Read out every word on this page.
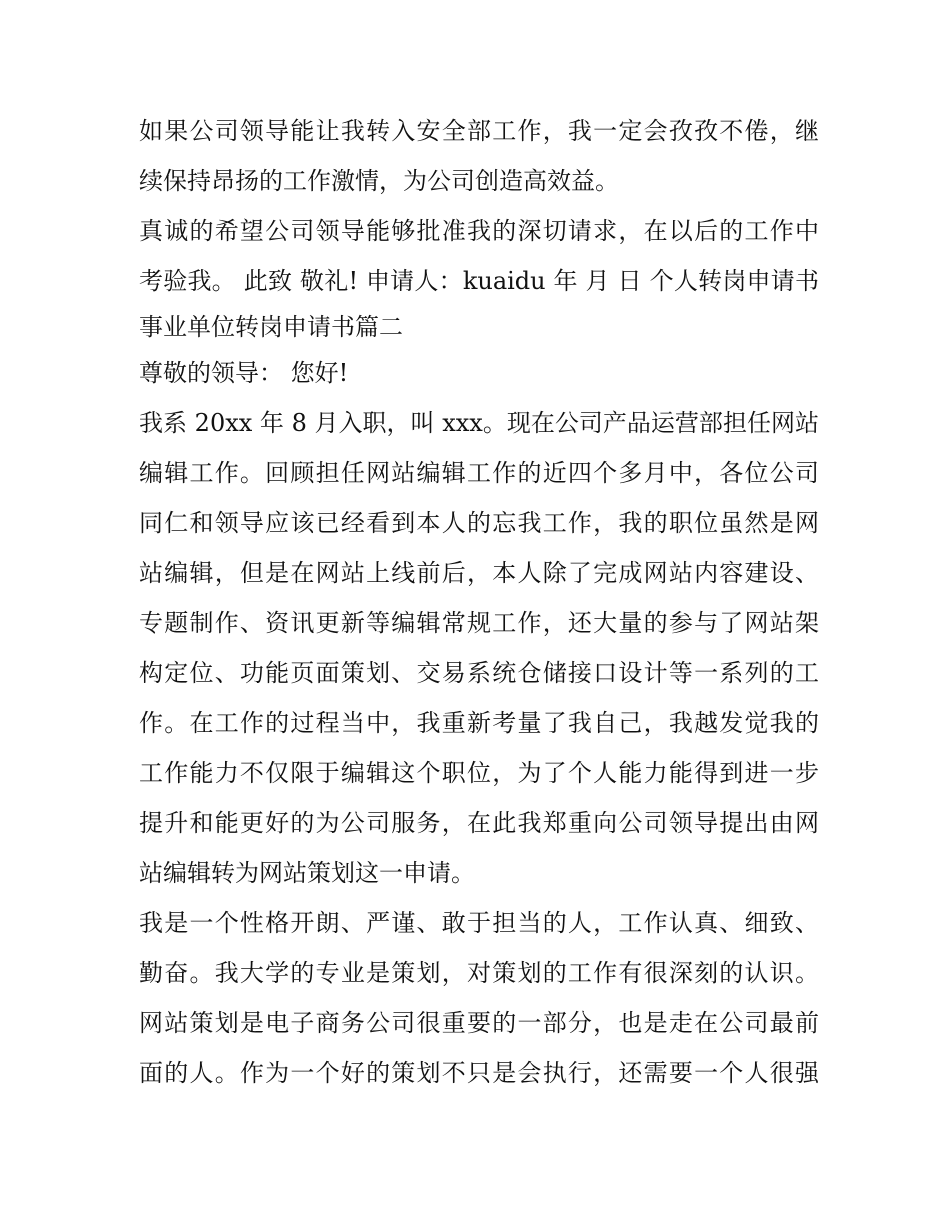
如果公司领导能让我转入安全部工作，我一定会孜孜不倦，继

续保持昂扬的工作激情，为公司创造高效益。

真诚的希望公司领导能够批准我的深切请求，在以后的工作中

考验我。 此致 敬礼! 申请人：kuaidu 年 月 日 个人转岗申请书

事业单位转岗申请书篇二

尊敬的领导： 您好!

我系 20xx 年 8 月入职，叫 xxx。现在公司产品运营部担任网站

编辑工作。回顾担任网站编辑工作的近四个多月中，各位公司

同仁和领导应该已经看到本人的忘我工作，我的职位虽然是网

站编辑，但是在网站上线前后，本人除了完成网站内容建设、

专题制作、资讯更新等编辑常规工作，还大量的参与了网站架

构定位、功能页面策划、交易系统仓储接口设计等一系列的工

作。在工作的过程当中，我重新考量了我自己，我越发觉我的

工作能力不仅限于编辑这个职位，为了个人能力能得到进一步

提升和能更好的为公司服务，在此我郑重向公司领导提出由网

站编辑转为网站策划这一申请。

我是一个性格开朗、严谨、敢于担当的人，工作认真、细致、

勤奋。我大学的专业是策划，对策划的工作有很深刻的认识。

网站策划是电子商务公司很重要的一部分，也是走在公司最前

面的人。作为一个好的策划不只是会执行，还需要一个人很强
